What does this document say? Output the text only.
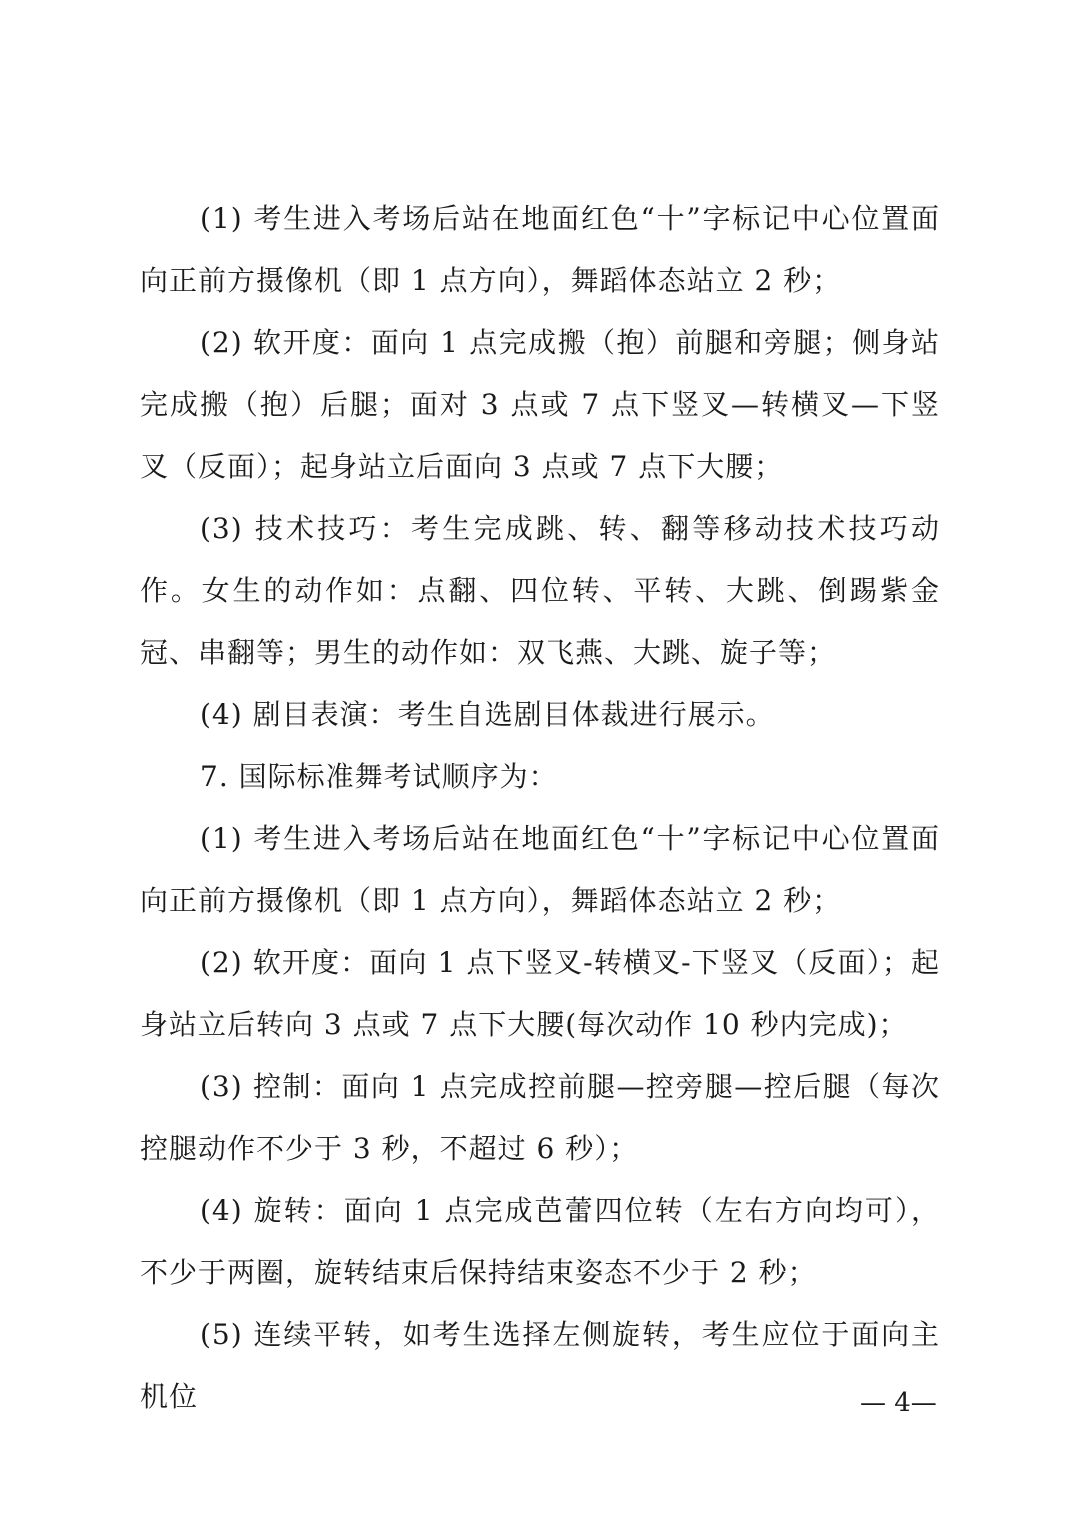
(1) 考生进入考场后站在地面红色“十”字标记中心位置面向正前方摄像机（即 1 点方向），舞蹈体态站立 2 秒；

(2) 软开度：面向 1 点完成搬（抱）前腿和旁腿；侧身站完成搬（抱）后腿；面对 3 点或 7 点下竖叉—转横叉—下竖叉（反面）；起身站立后面向 3 点或 7 点下大腰；

(3) 技术技巧：考生完成跳、转、翻等移动技术技巧动作。女生的动作如：点翻、四位转、平转、大跳、倒踢紫金冠、串翻等；男生的动作如：双飞燕、大跳、旋子等；

(4) 剧目表演：考生自选剧目体裁进行展示。

7. 国际标准舞考试顺序为：

(1) 考生进入考场后站在地面红色“十”字标记中心位置面向正前方摄像机（即 1 点方向），舞蹈体态站立 2 秒；

(2) 软开度：面向 1 点下竖叉-转横叉-下竖叉（反面）；起身站立后转向 3 点或 7 点下大腰(每次动作 10 秒内完成)；

(3) 控制：面向 1 点完成控前腿—控旁腿—控后腿（每次控腿动作不少于 3 秒，不超过 6 秒）；

(4) 旋转：面向 1 点完成芭蕾四位转（左右方向均可），不少于两圈，旋转结束后保持结束姿态不少于 2 秒；

(5) 连续平转，如考生选择左侧旋转，考生应位于面向主机位	— 4—
